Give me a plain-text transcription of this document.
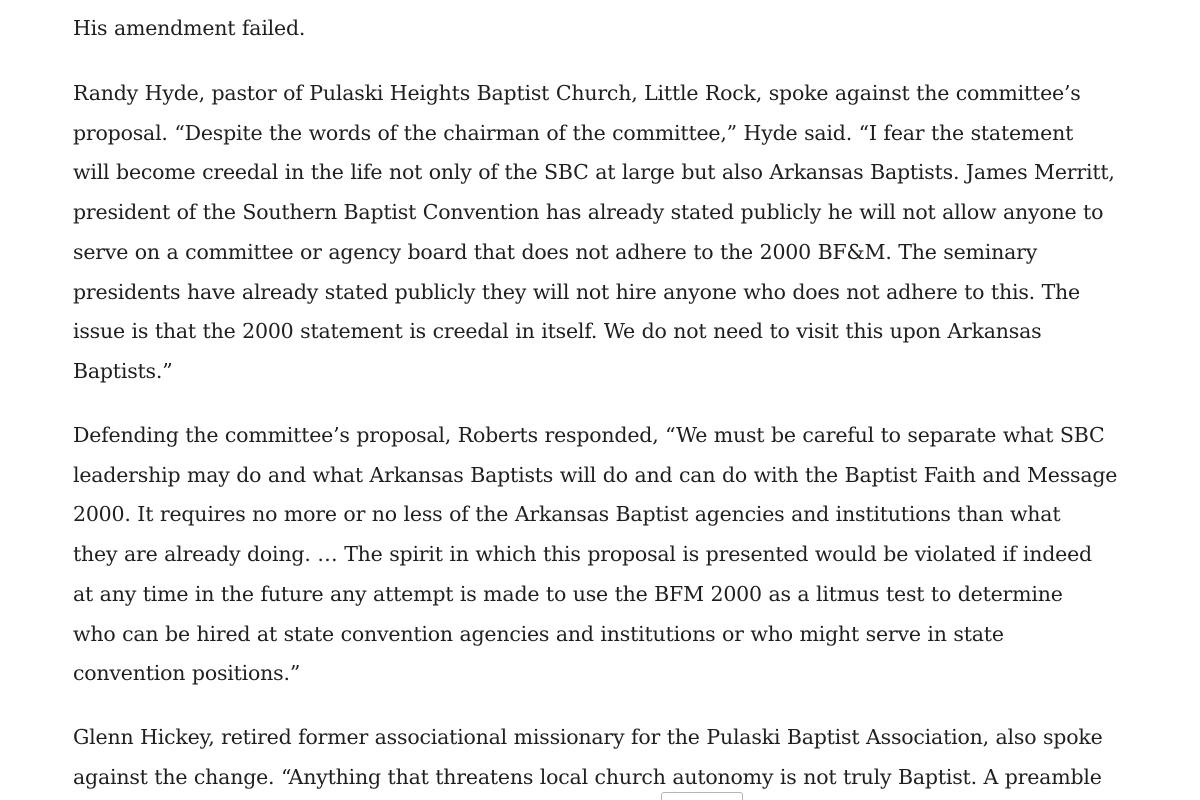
His amendment failed.

Randy Hyde, pastor of Pulaski Heights Baptist Church, Little Rock, spoke against the committee’s
proposal. “Despite the words of the chairman of the committee,” Hyde said. “I fear the statement
will become creedal in the life not only of the SBC at large but also Arkansas Baptists. James Merritt,
president of the Southern Baptist Convention has already stated publicly he will not allow anyone to
serve on a committee or agency board that does not adhere to the 2000 BF&M. The seminary
presidents have already stated publicly they will not hire anyone who does not adhere to this. The
issue is that the 2000 statement is creedal in itself. We do not need to visit this upon Arkansas
Baptists.”

Defending the committee’s proposal, Roberts responded, “We must be careful to separate what SBC
leadership may do and what Arkansas Baptists will do and can do with the Baptist Faith and Message
2000. It requires no more or no less of the Arkansas Baptist agencies and institutions than what
they are already doing. … The spirit in which this proposal is presented would be violated if indeed
at any time in the future any attempt is made to use the BFM 2000 as a litmus test to determine
who can be hired at state convention agencies and institutions or who might serve in state
convention positions.”

Glenn Hickey, retired former associational missionary for the Pulaski Baptist Association, also spoke
against the change. “Anything that threatens local church autonomy is not truly Baptist. A preamble
